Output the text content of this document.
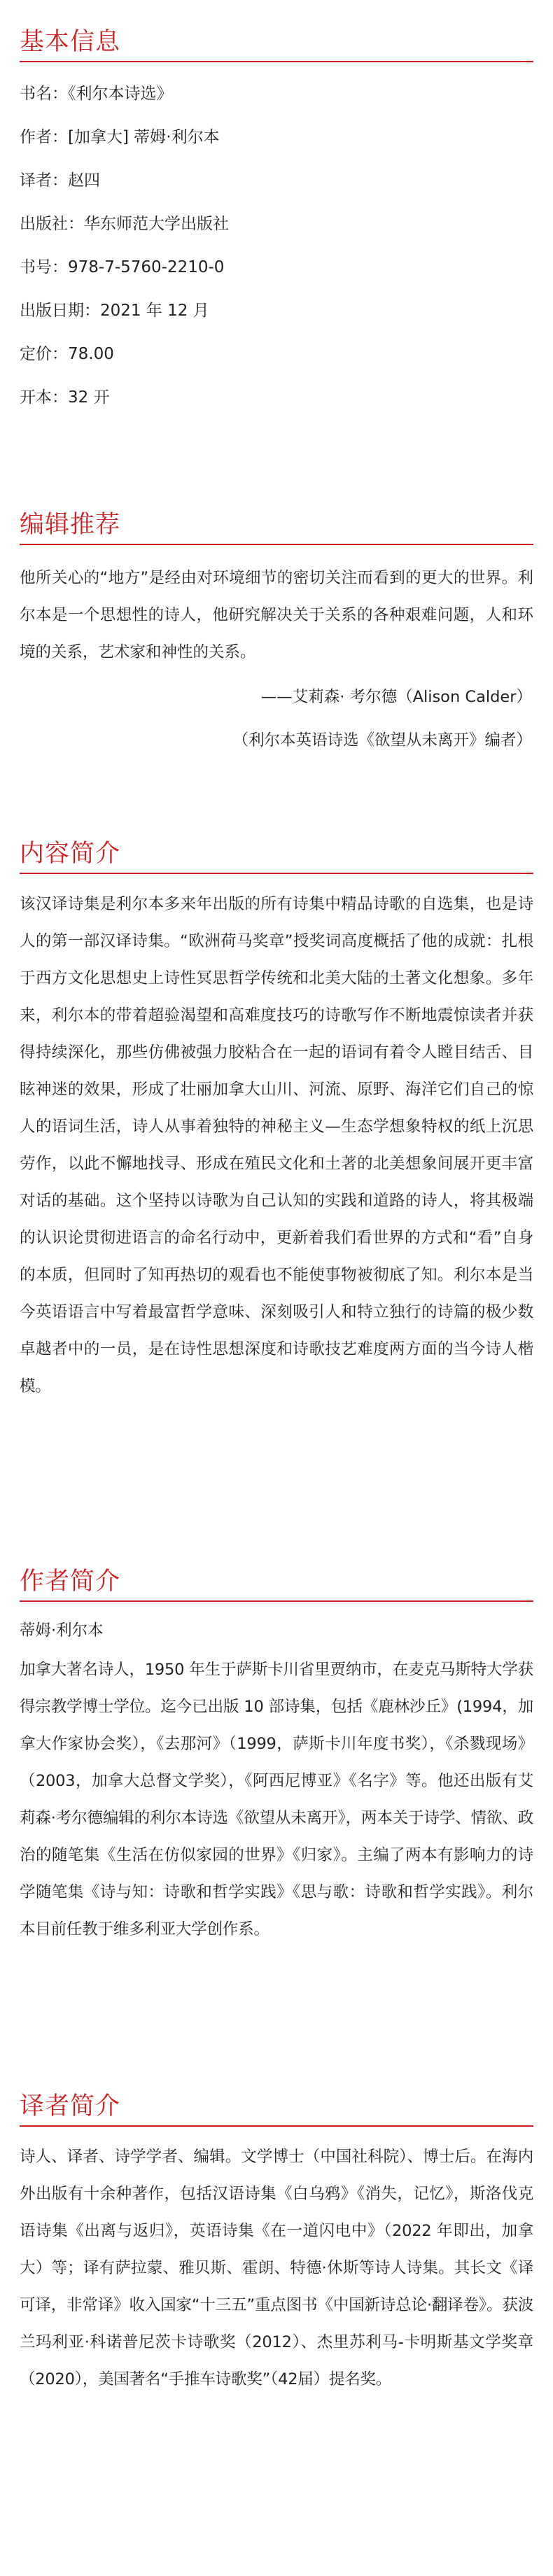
基本信息
书名：《利尔本诗选》
作者：[加拿大] 蒂姆·利尔本
译者：赵四
出版社：华东师范大学出版社
书号：978-7-5760-2210-0
出版日期：2021 年 12 月
定价：78.00
开本：32 开
编辑推荐

他所关心的“地方”是经由对环境细节的密切关注而看到的更大的世界。利尔本是一个思想性的诗人，他研究解决关于关系的各种艰难问题，人和环境的关系，艺术家和神性的关系。

——艾莉森· 考尔德（Alison Calder）

（利尔本英语诗选《欲望从未离开》编者）

内容简介

该汉译诗集是利尔本多来年出版的所有诗集中精品诗歌的自选集，也是诗人的第一部汉译诗集。“欧洲荷马奖章”授奖词高度概括了他的成就：扎根于西方文化思想史上诗性冥思哲学传统和北美大陆的土著文化想象。多年来，利尔本的带着超验渴望和高难度技巧的诗歌写作不断地震惊读者并获得持续深化，那些仿佛被强力胶粘合在一起的语词有着令人瞠目结舌、目眩神迷的效果，形成了壮丽加拿大山川、河流、原野、海洋它们自己的惊人的语词生活，诗人从事着独特的神秘主义—生态学想象特权的纸上沉思劳作，以此不懈地找寻、形成在殖民文化和土著的北美想象间展开更丰富对话的基础。这个坚持以诗歌为自己认知的实践和道路的诗人，将其极端的认识论贯彻进语言的命名行动中，更新着我们看世界的方式和“看”自身的本质，但同时了知再热切的观看也不能使事物被彻底了知。利尔本是当今英语语言中写着最富哲学意味、深刻吸引人和特立独行的诗篇的极少数卓越者中的一员，是在诗性思想深度和诗歌技艺难度两方面的当今诗人楷模。

作者简介

蒂姆·利尔本

加拿大著名诗人，1950 年生于萨斯卡川省里贾纳市，在麦克马斯特大学获得宗教学博士学位。迄今已出版 10 部诗集，包括《鹿林沙丘》(1994，加拿大作家协会奖），《去那河》（1999，萨斯卡川年度书奖），《杀戮现场》（2003，加拿大总督文学奖），《阿西尼博亚》《名字》等。他还出版有艾莉森·考尔德编辑的利尔本诗选《欲望从未离开》，两本关于诗学、情欲、政治的随笔集《生活在仿似家园的世界》《归家》。主编了两本有影响力的诗学随笔集《诗与知：诗歌和哲学实践》《思与歌：诗歌和哲学实践》。利尔本目前任教于维多利亚大学创作系。

译者简介

诗人、译者、诗学学者、编辑。文学博士（中国社科院）、博士后。在海内外出版有十余种著作，包括汉语诗集《白乌鸦》《消失，记忆》，斯洛伐克语诗集《出离与返归》，英语诗集《在一道闪电中》（2022 年即出，加拿大）等；译有萨拉蒙、雅贝斯、霍朗、特德·休斯等诗人诗集。其长文《译可译，非常译》收入国家“十三五”重点图书《中国新诗总论·翻译卷》。获波兰玛利亚·科诺普尼茨卡诗歌奖（2012）、杰里苏利马-卡明斯基文学奖章（2020），美国著名“手推车诗歌奖”（42届）提名奖。
